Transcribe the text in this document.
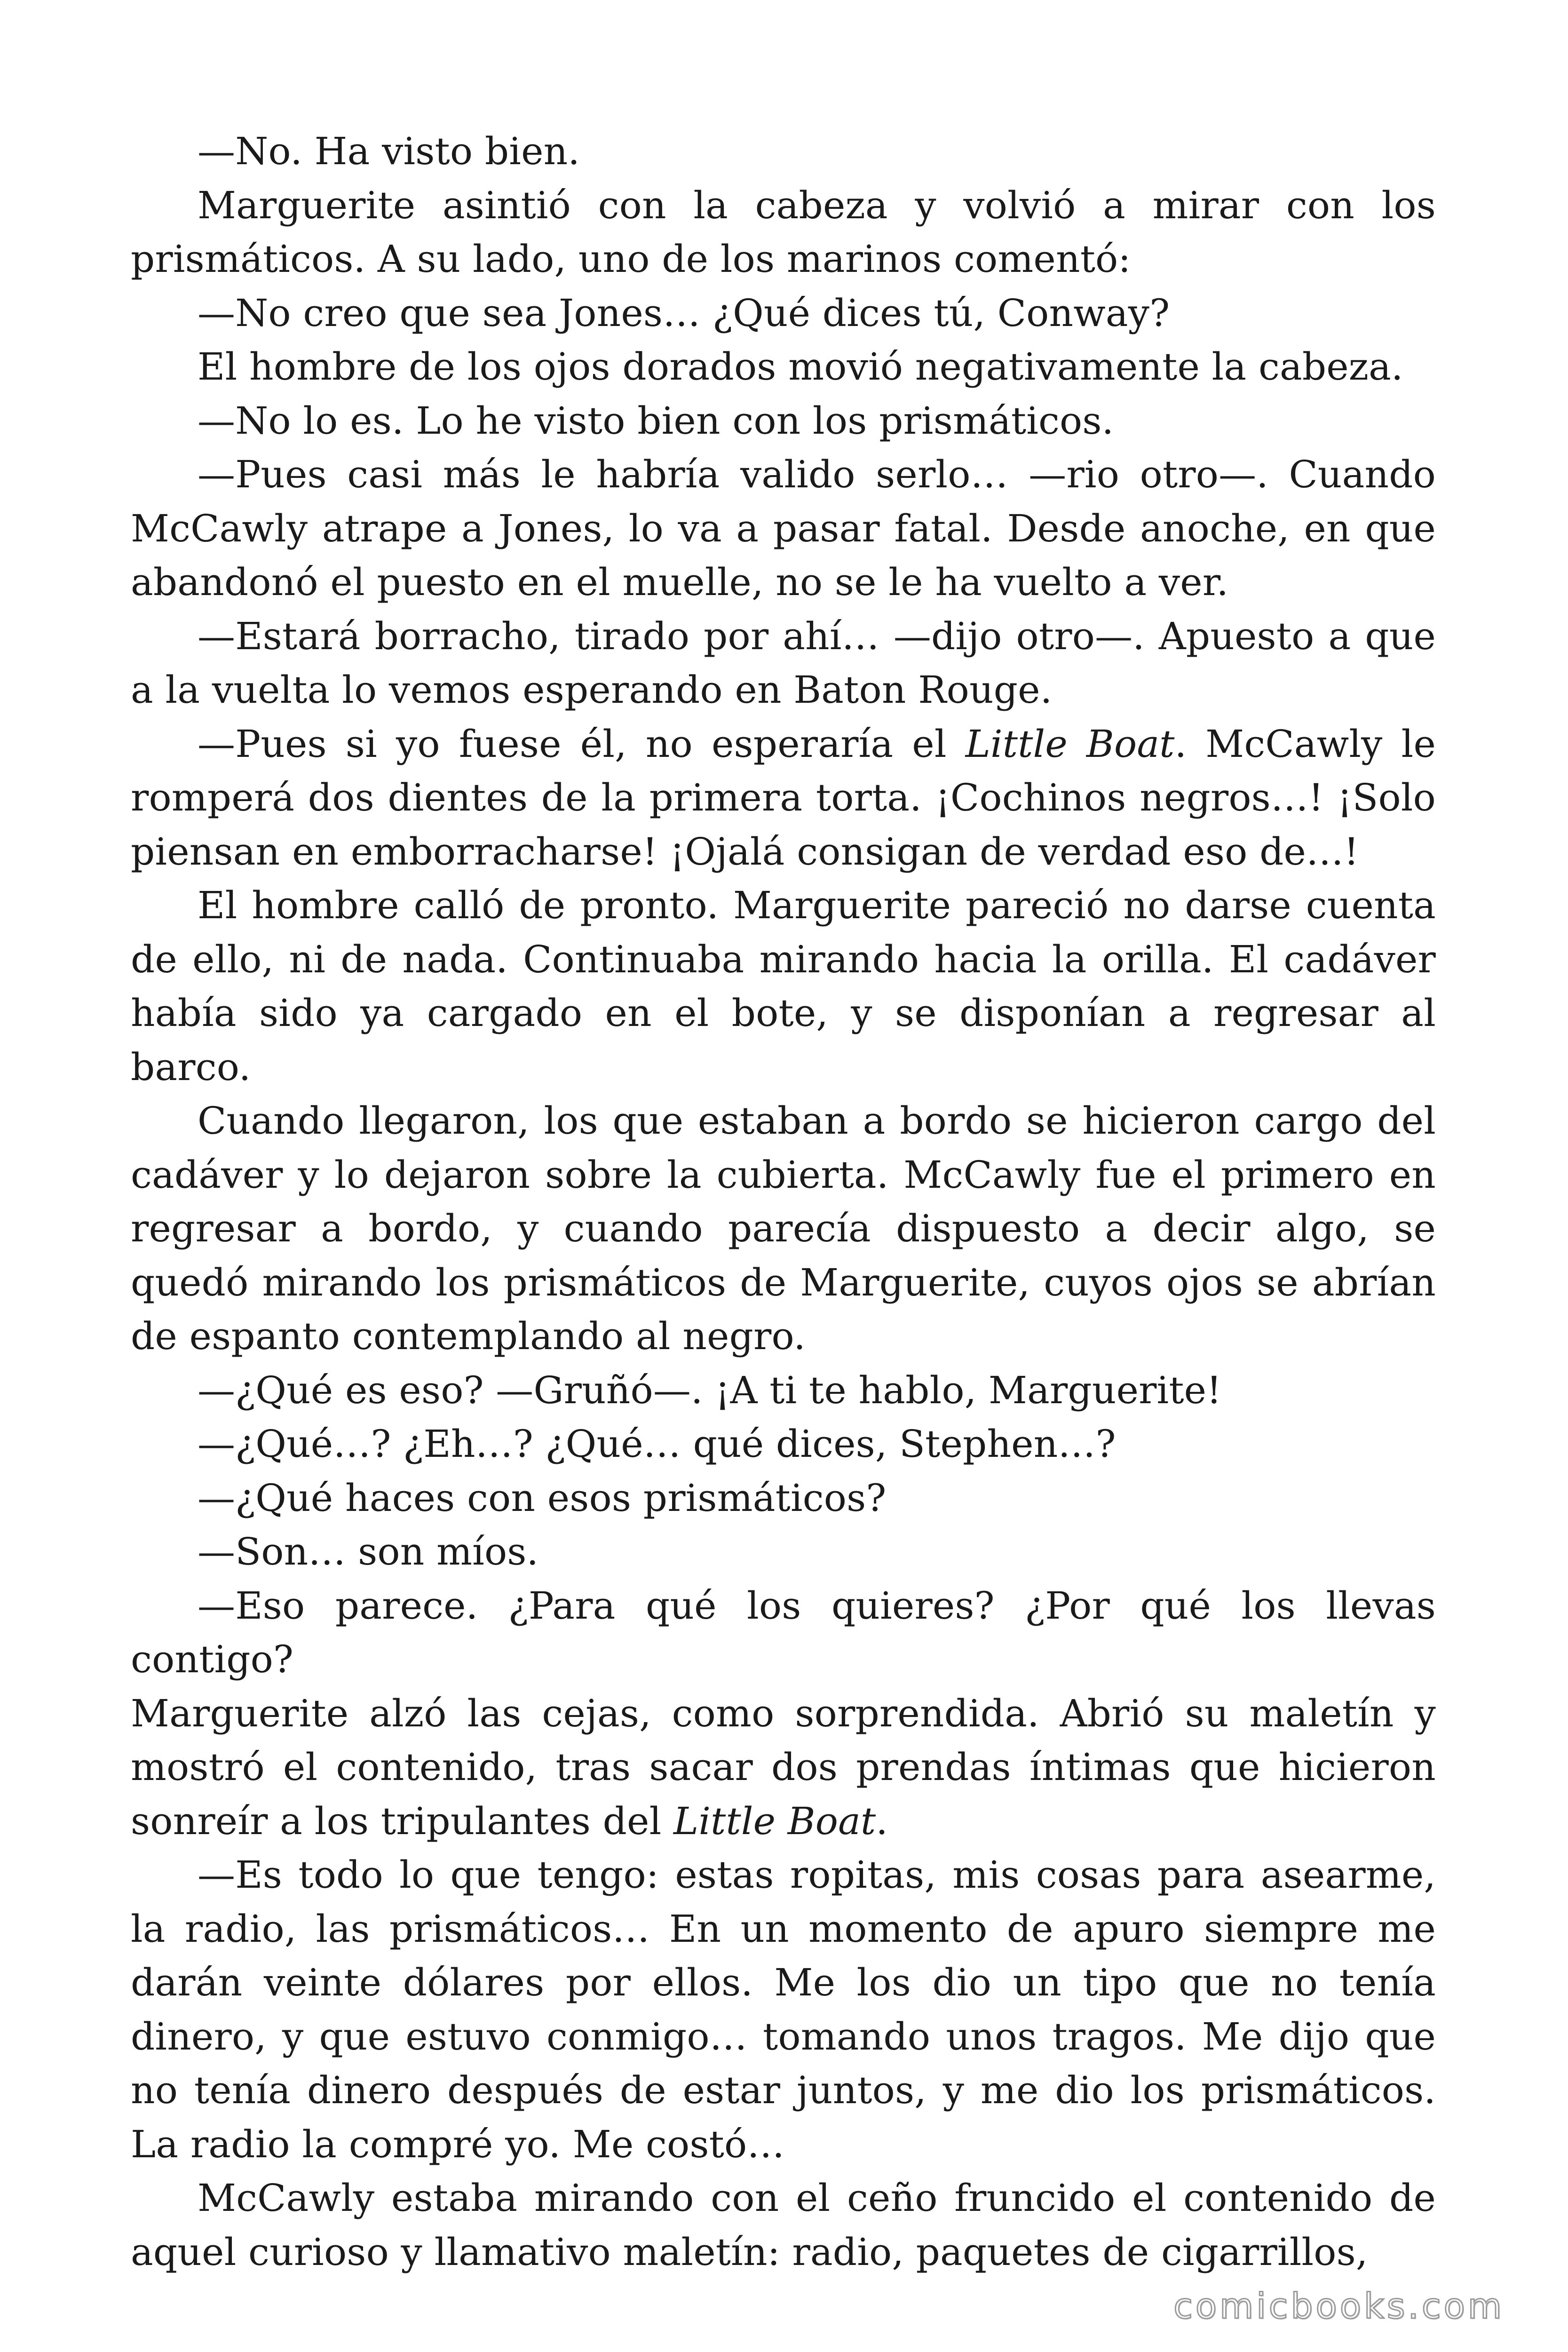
—No. Ha visto bien.

Marguerite asintió con la cabeza y volvió a mirar con los prismáticos. A su lado, uno de los marinos comentó:

—No creo que sea Jones… ¿Qué dices tú, Conway?

El hombre de los ojos dorados movió negativamente la cabeza.

—No lo es. Lo he visto bien con los prismáticos.

—Pues casi más le habría valido serlo… —rio otro—. Cuando McCawly atrape a Jones, lo va a pasar fatal. Desde anoche, en que abandonó el puesto en el muelle, no se le ha vuelto a ver.

—Estará borracho, tirado por ahí… —dijo otro—. Apuesto a que a la vuelta lo vemos esperando en Baton Rouge.

—Pues si yo fuese él, no esperaría el Little Boat. McCawly le romperá dos dientes de la primera torta. ¡Cochinos negros…! ¡Solo piensan en emborracharse! ¡Ojalá consigan de verdad eso de…!

El hombre calló de pronto. Marguerite pareció no darse cuenta de ello, ni de nada. Continuaba mirando hacia la orilla. El cadáver había sido ya cargado en el bote, y se disponían a regresar al barco.

Cuando llegaron, los que estaban a bordo se hicieron cargo del cadáver y lo dejaron sobre la cubierta. McCawly fue el primero en regresar a bordo, y cuando parecía dispuesto a decir algo, se quedó mirando los prismáticos de Marguerite, cuyos ojos se abrían de espanto contemplando al negro.

—¿Qué es eso? —Gruñó—. ¡A ti te hablo, Marguerite!

—¿Qué…? ¿Eh…? ¿Qué… qué dices, Stephen…?

—¿Qué haces con esos prismáticos?

—Son… son míos.

—Eso parece. ¿Para qué los quieres? ¿Por qué los llevas contigo?

Marguerite alzó las cejas, como sorprendida. Abrió su maletín y mostró el contenido, tras sacar dos prendas íntimas que hicieron sonreír a los tripulantes del Little Boat.

—Es todo lo que tengo: estas ropitas, mis cosas para asearme, la radio, las prismáticos… En un momento de apuro siempre me darán veinte dólares por ellos. Me los dio un tipo que no tenía dinero, y que estuvo conmigo… tomando unos tragos. Me dijo que no tenía dinero después de estar juntos, y me dio los prismáticos. La radio la compré yo. Me costó…

McCawly estaba mirando con el ceño fruncido el contenido de aquel curioso y llamativo maletín: radio, paquetes de cigarrillos,

comicbooks.com
